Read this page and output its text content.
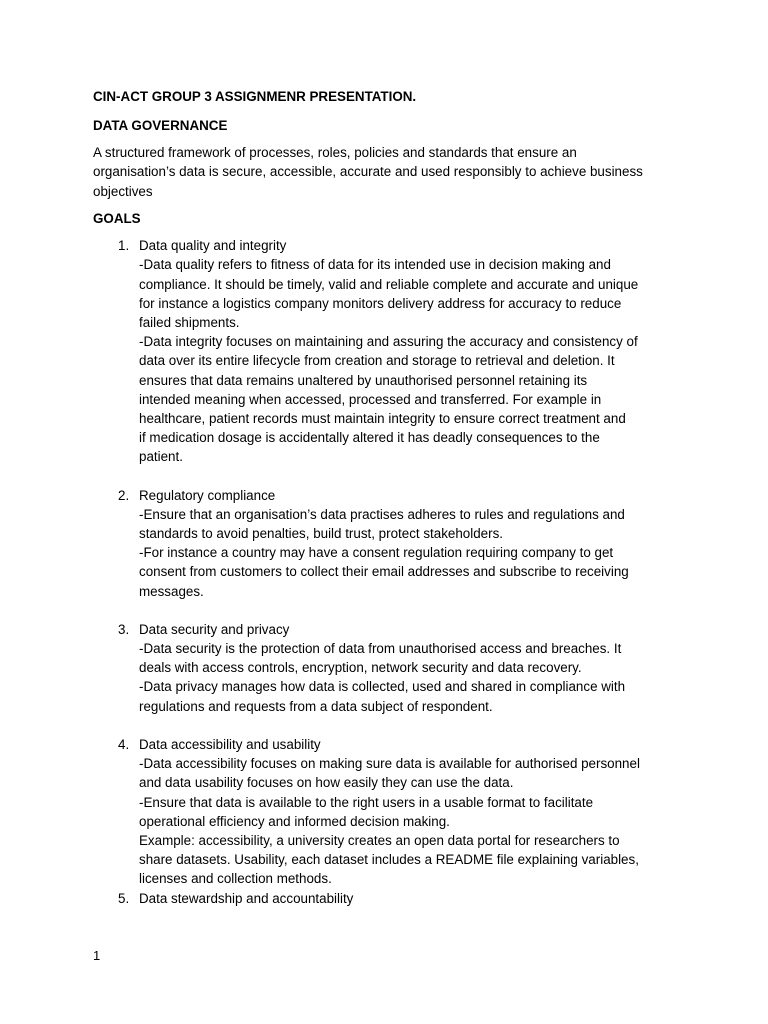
CIN-ACT GROUP 3 ASSIGNMENR PRESENTATION.

DATA GOVERNANCE

A structured framework of processes, roles, policies and standards that ensure an
organisation’s data is secure, accessible, accurate and used responsibly to achieve business
objectives

GOALS

1. Data quality and integrity
-Data quality refers to fitness of data for its intended use in decision making and
compliance. It should be timely, valid and reliable complete and accurate and unique
for instance a logistics company monitors delivery address for accuracy to reduce
failed shipments.
-Data integrity focuses on maintaining and assuring the accuracy and consistency of
data over its entire lifecycle from creation and storage to retrieval and deletion. It
ensures that data remains unaltered by unauthorised personnel retaining its
intended meaning when accessed, processed and transferred. For example in
healthcare, patient records must maintain integrity to ensure correct treatment and
if medication dosage is accidentally altered it has deadly consequences to the
patient.
2. Regulatory compliance
-Ensure that an organisation’s data practises adheres to rules and regulations and
standards to avoid penalties, build trust, protect stakeholders.
-For instance a country may have a consent regulation requiring company to get
consent from customers to collect their email addresses and subscribe to receiving
messages.
3. Data security and privacy
-Data security is the protection of data from unauthorised access and breaches. It
deals with access controls, encryption, network security and data recovery.
-Data privacy manages how data is collected, used and shared in compliance with
regulations and requests from a data subject of respondent.
4. Data accessibility and usability
-Data accessibility focuses on making sure data is available for authorised personnel
and data usability focuses on how easily they can use the data.
-Ensure that data is available to the right users in a usable format to facilitate
operational efficiency and informed decision making.
Example: accessibility, a university creates an open data portal for researchers to
share datasets. Usability, each dataset includes a README file explaining variables,
licenses and collection methods.
5. Data stewardship and accountability
1
